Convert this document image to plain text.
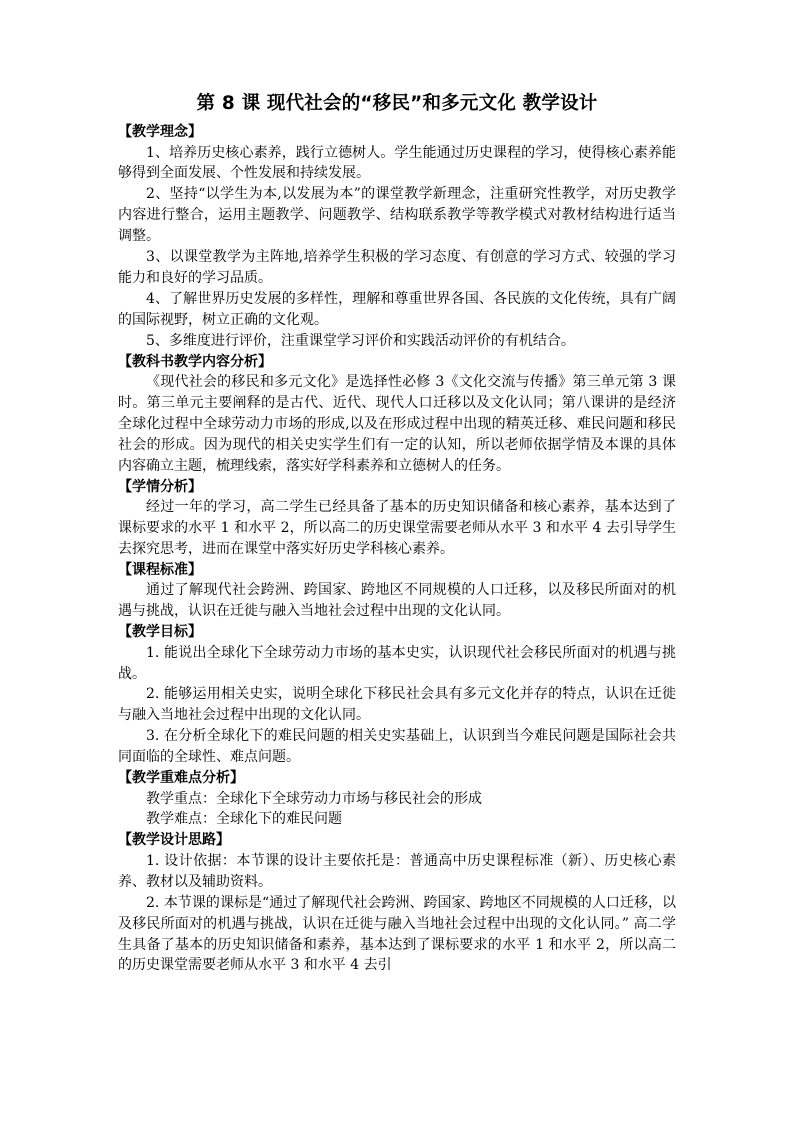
第 8 课 现代社会的“移民”和多元文化 教学设计

【教学理念】

1、培养历史核心素养，践行立德树人。学生能通过历史课程的学习，使得核心素养能够得到全面发展、个性发展和持续发展。

2、坚持“以学生为本,以发展为本”的课堂教学新理念，注重研究性教学，对历史教学内容进行整合，运用主题教学、问题教学、结构联系教学等教学模式对教材结构进行适当调整。

3、以课堂教学为主阵地,培养学生积极的学习态度、有创意的学习方式、较强的学习能力和良好的学习品质。

4、了解世界历史发展的多样性，理解和尊重世界各国、各民族的文化传统，具有广阔的国际视野，树立正确的文化观。

5、多维度进行评价，注重课堂学习评价和实践活动评价的有机结合。

【教科书教学内容分析】

《现代社会的移民和多元文化》是选择性必修 3《文化交流与传播》第三单元第 3 课时。第三单元主要阐释的是古代、近代、现代人口迁移以及文化认同；第八课讲的是经济全球化过程中全球劳动力市场的形成,以及在形成过程中出现的精英迁移、难民问题和移民社会的形成。因为现代的相关史实学生们有一定的认知，所以老师依据学情及本课的具体内容确立主题，梳理线索，落实好学科素养和立德树人的任务。

【学情分析】

经过一年的学习，高二学生已经具备了基本的历史知识储备和核心素养，基本达到了课标要求的水平 1 和水平 2，所以高二的历史课堂需要老师从水平 3 和水平 4 去引导学生去探究思考，进而在课堂中落实好历史学科核心素养。

【课程标准】

通过了解现代社会跨洲、跨国家、跨地区不同规模的人口迁移，以及移民所面对的机遇与挑战，认识在迁徙与融入当地社会过程中出现的文化认同。

【教学目标】

1. 能说出全球化下全球劳动力市场的基本史实，认识现代社会移民所面对的机遇与挑战。

2. 能够运用相关史实，说明全球化下移民社会具有多元文化并存的特点，认识在迁徙与融入当地社会过程中出现的文化认同。

3. 在分析全球化下的难民问题的相关史实基础上，认识到当今难民问题是国际社会共同面临的全球性、难点问题。

【教学重难点分析】

教学重点：全球化下全球劳动力市场与移民社会的形成

教学难点：全球化下的难民问题

【教学设计思路】

1. 设计依据：本节课的设计主要依托是：普通高中历史课程标准（新）、历史核心素养、教材以及辅助资料。

2. 本节课的课标是“通过了解现代社会跨洲、跨国家、跨地区不同规模的人口迁移，以及移民所面对的机遇与挑战，认识在迁徙与融入当地社会过程中出现的文化认同。” 高二学生具备了基本的历史知识储备和素养，基本达到了课标要求的水平 1 和水平 2，所以高二的历史课堂需要老师从水平 3 和水平 4 去引
